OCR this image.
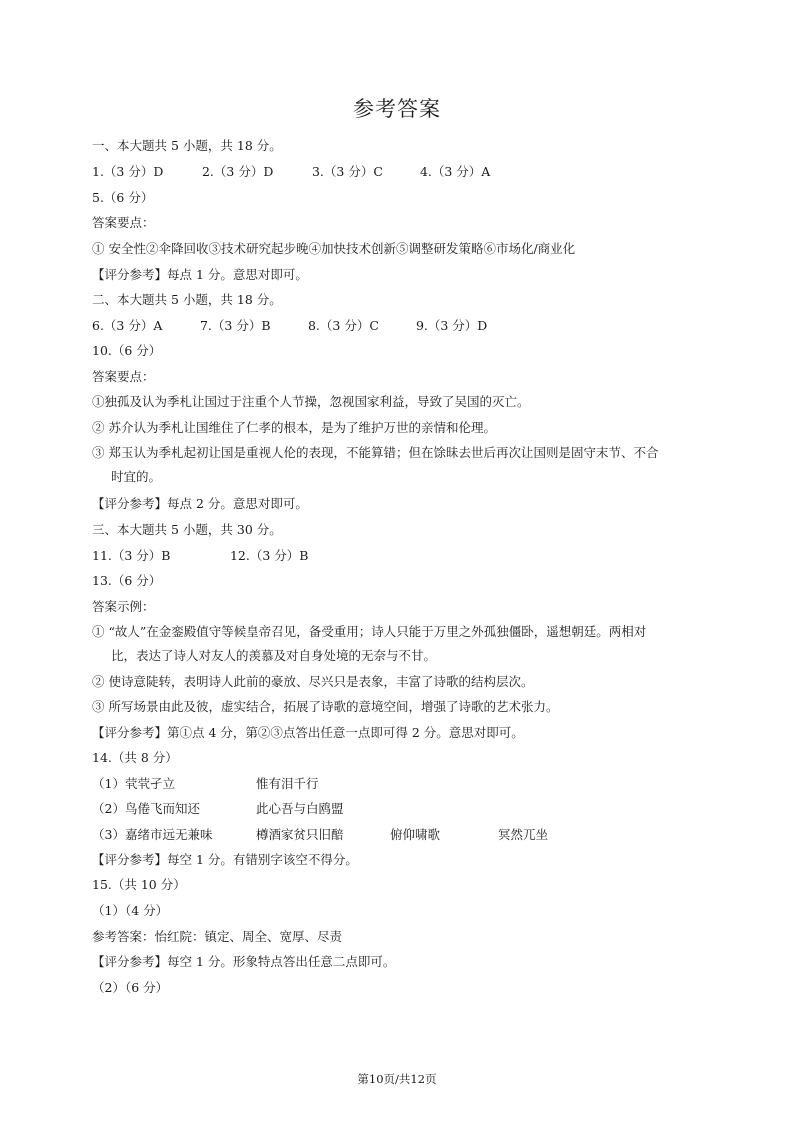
参考答案
一、本大题共 5 小题，共 18 分。
1.（3 分）D	2.（3 分）D	3.（3 分）C	4.（3 分）A
5.（6 分）
答案要点：
① 安全性②伞降回收③技术研究起步晚④加快技术创新⑤调整研发策略⑥市场化/商业化
【评分参考】每点 1 分。意思对即可。
二、本大题共 5 小题，共 18 分。
6.（3 分）A	7.（3 分）B	8.（3 分）C	9.（3 分）D
10.（6 分）
答案要点：
①独孤及认为季札让国过于注重个人节操，忽视国家利益，导致了吴国的灭亡。
② 苏介认为季札让国维住了仁孝的根本，是为了维护万世的亲情和伦理。
③ 郑玉认为季札起初让国是重视人伦的表现，不能算错；但在馀昧去世后再次让国则是固守末节、不合
时宜的。
【评分参考】每点 2 分。意思对即可。
三、本大题共 5 小题，共 30 分。
11.（3 分）B	12.（3 分）B
13.（6 分）
答案示例：
① “故人”在金銮殿值守等候皇帝召见，备受重用；诗人只能于万里之外孤独僵卧，遥想朝廷。两相对
比，表达了诗人对友人的羡慕及对自身处境的无奈与不甘。
② 使诗意陡转，表明诗人此前的豪放、尽兴只是表象，丰富了诗歌的结构层次。
③ 所写场景由此及彼，虚实结合，拓展了诗歌的意境空间，增强了诗歌的艺术张力。
【评分参考】第①点 4 分，第②③点答出任意一点即可得 2 分。意思对即可。
14.（共 8 分）
（1）茕茕孑立	惟有泪千行
（2）鸟倦飞而知还	此心吾与白鸥盟
（3）嘉绪市远无兼味	樽酒家贫只旧醅	俯仰啸歌	冥然兀坐
【评分参考】每空 1 分。有错别字该空不得分。
15.（共 10 分）
（1）（4 分）
参考答案：怡红院：镇定、周全、宽厚、尽责
【评分参考】每空 1 分。形象特点答出任意二点即可。
（2）（6 分）
第10页/共12页
